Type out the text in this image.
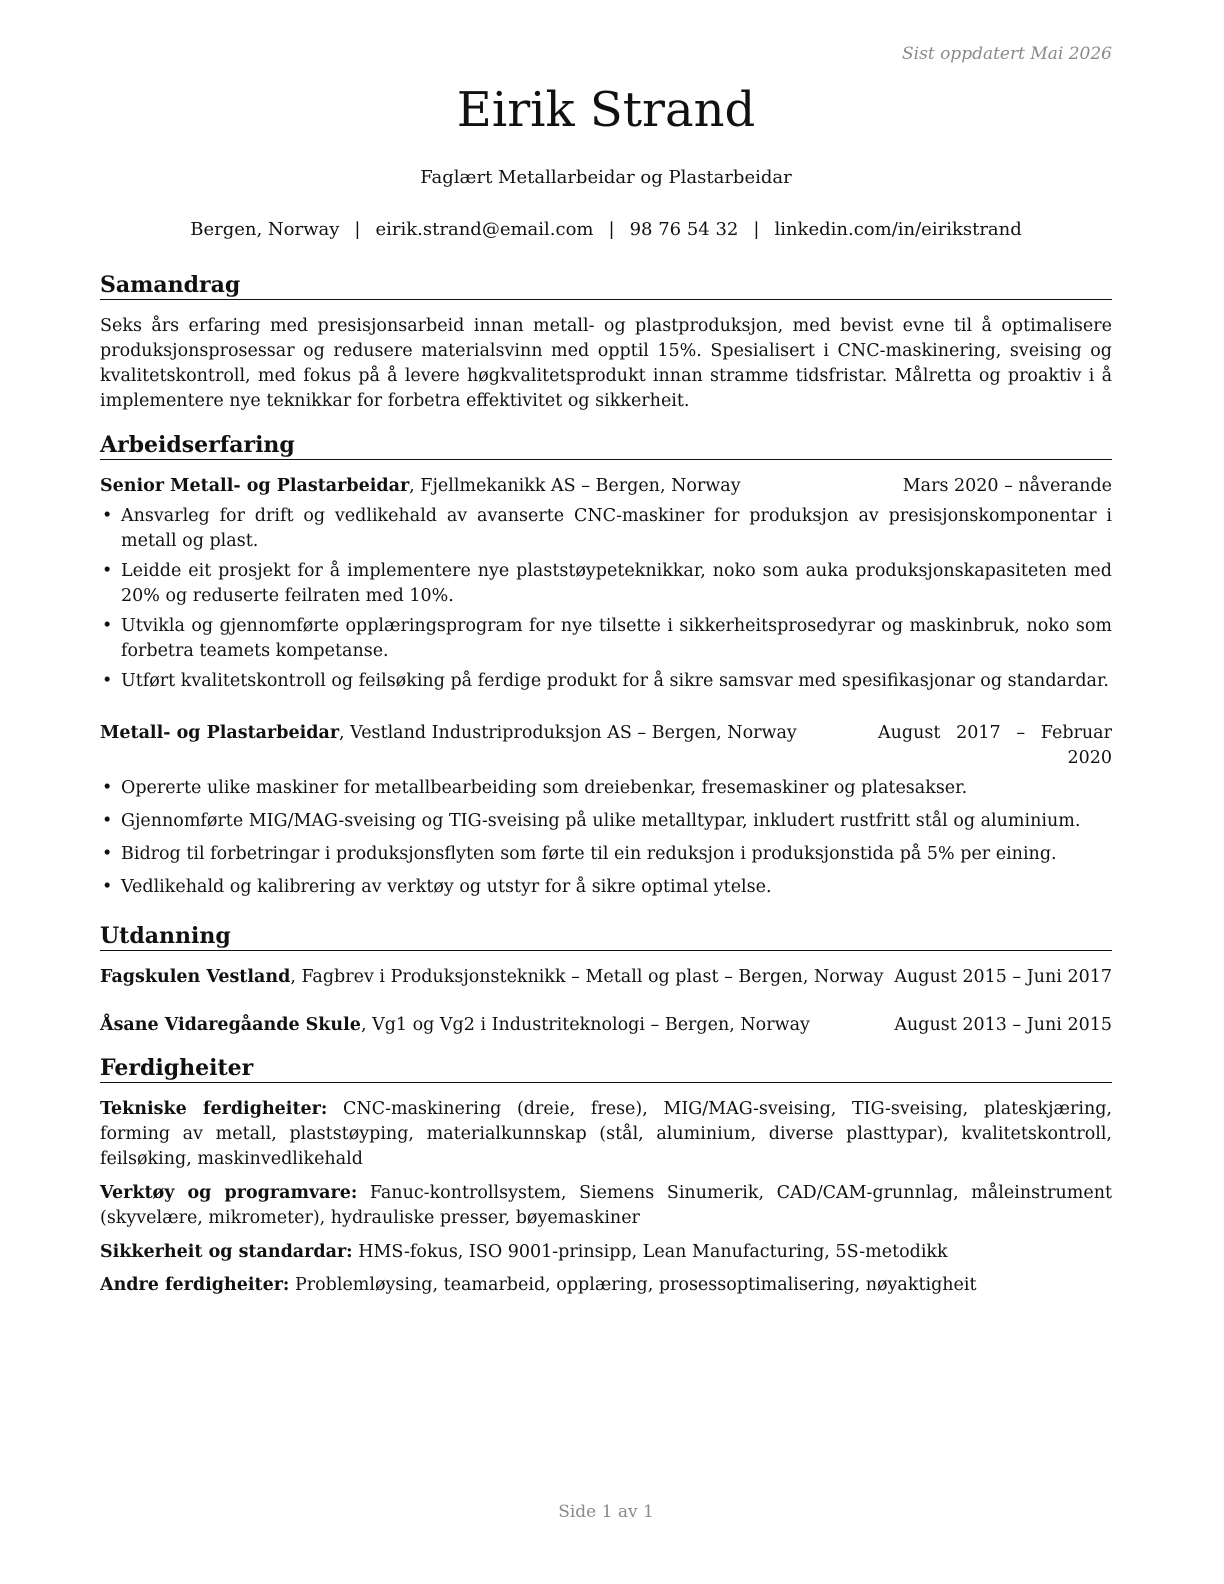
Sist oppdatert Mai 2026
Eirik Strand
Faglært Metallarbeidar og Plastarbeidar
Bergen, Norway | eirik.strand@email.com | 98 76 54 32 | linkedin.com/in/eirikstrand
Samandrag
Seks års erfaring med presisjonsarbeid innan metall- og plastproduksjon, med bevist evne til å optimalisere produksjonsprosessar og redusere materialsvinn med opptil 15%. Spesialisert i CNC-maskinering, sveising og kvalitetskontroll, med fokus på å levere høgkvalitetsprodukt innan stramme tidsfristar. Målretta og proaktiv i å implementere nye teknikkar for forbetra effektivitet og sikkerheit.
Arbeidserfaring
Senior Metall- og Plastarbeidar, Fjellmekanikk AS – Bergen, Norway	Mars 2020 – nåverande
• Ansvarleg for drift og vedlikehald av avanserte CNC-maskiner for produksjon av presisjonskomponentar i metall og plast.
• Leidde eit prosjekt for å implementere nye plaststøypeteknikkar, noko som auka produksjonskapasiteten med 20% og reduserte feilraten med 10%.
• Utvikla og gjennomførte opplæringsprogram for nye tilsette i sikkerheitsprosedyrar og maskinbruk, noko som forbetra teamets kompetanse.
• Utført kvalitetskontroll og feilsøking på ferdige produkt for å sikre samsvar med spesifikasjonar og standardar.
Metall- og Plastarbeidar, Vestland Industriproduksjon AS – Bergen, Norway	August 2017 – Februar 2020
• Opererte ulike maskiner for metallbearbeiding som dreiebenkar, fresemaskiner og platesakser.
• Gjennomførte MIG/MAG-sveising og TIG-sveising på ulike metalltypar, inkludert rustfritt stål og aluminium.
• Bidrog til forbetringar i produksjonsflyten som førte til ein reduksjon i produksjonstida på 5% per eining.
• Vedlikehald og kalibrering av verktøy og utstyr for å sikre optimal ytelse.
Utdanning
Fagskulen Vestland, Fagbrev i Produksjonsteknikk – Metall og plast – Bergen, Norway August 2015 – Juni 2017
Åsane Vidaregåande Skule, Vg1 og Vg2 i Industriteknologi – Bergen, Norway	August 2013 – Juni 2015
Ferdigheiter
Tekniske ferdigheiter: CNC-maskinering (dreie, frese), MIG/MAG-sveising, TIG-sveising, plateskjæring, forming av metall, plaststøyping, materialkunnskap (stål, aluminium, diverse plasttypar), kvalitetskontroll, feilsøking, maskinvedlikehald
Verktøy og programvare: Fanuc-kontrollsystem, Siemens Sinumerik, CAD/CAM-grunnlag, måleinstrument (skyvelære, mikrometer), hydrauliske presser, bøyemaskiner
Sikkerheit og standardar: HMS-fokus, ISO 9001-prinsipp, Lean Manufacturing, 5S-metodikk
Andre ferdigheiter: Problemløysing, teamarbeid, opplæring, prosessoptimalisering, nøyaktigheit
Side 1 av 1
